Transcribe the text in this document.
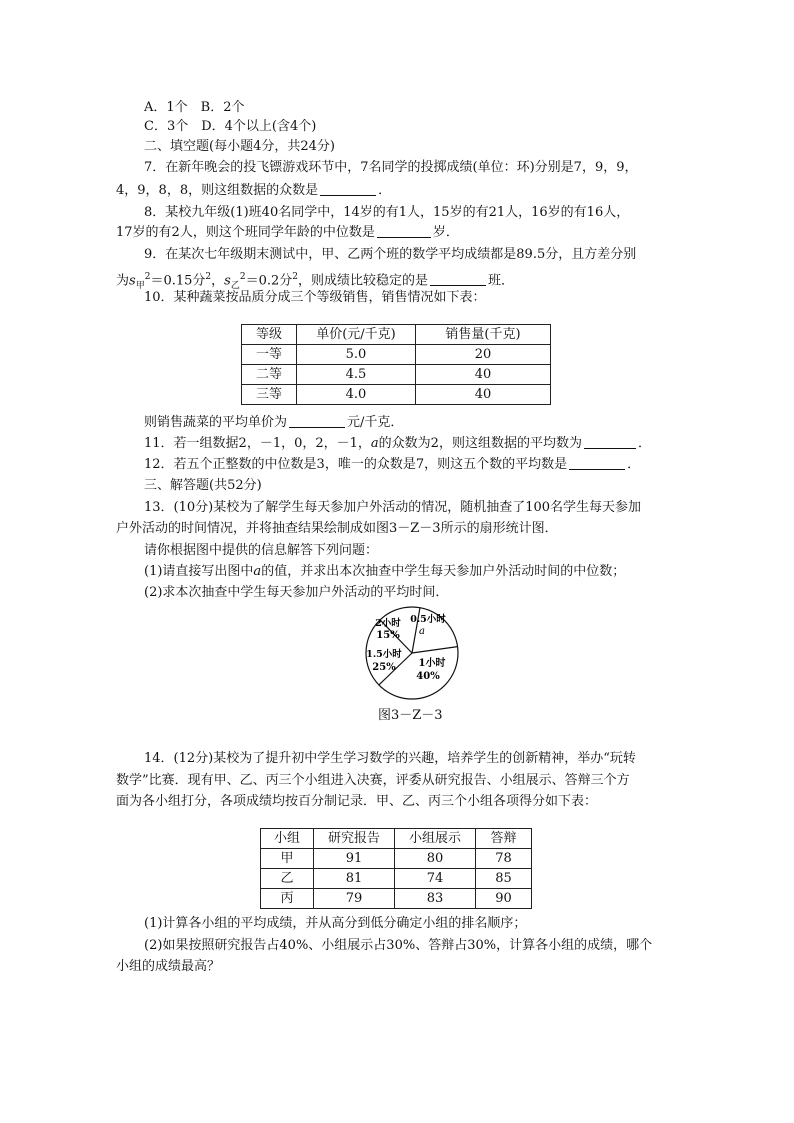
A．1个　B．2个
C．3个　D．4个以上(含4个)
二、填空题(每小题4分，共24分)
7．在新年晚会的投飞镖游戏环节中，7名同学的投掷成绩(单位：环)分别是7，9，9，
4，9，8，8，则这组数据的众数是	．
8．某校九年级(1)班40名同学中，14岁的有1人，15岁的有21人，16岁的有16人，
17岁的有2人，则这个班同学年龄的中位数是	岁．
9．在某次七年级期末测试中，甲、乙两个班的数学平均成绩都是89.5分，且方差分别
为$s_甲^2=0.15$分$^2$，$s_乙^2=0.2$分$^2$，则成绩比较稳定的是	班．
10．某种蔬菜按品质分成三个等级销售，销售情况如下表：
等级	单价(元/千克)	销售量(千克)
一等	5.0	20
二等	4.5	40
三等	4.0	40
则销售蔬菜的平均单价为	元/千克．
11．若一组数据2，－1，0，2，－1，a的众数为2，则这组数据的平均数为	．
12．若五个正整数的中位数是3，唯一的众数是7，则这五个数的平均数是	．
三、解答题(共52分)
13．(10分)某校为了解学生每天参加户外活动的情况，随机抽查了100名学生每天参加
户外活动的时间情况，并将抽查结果绘制成如图3－Z－3所示的扇形统计图．
请你根据图中提供的信息解答下列问题：
(1)请直接写出图中a的值，并求出本次抽查中学生每天参加户外活动时间的中位数；
(2)求本次抽查中学生每天参加户外活动的平均时间．
0.5小时
a
1小时
40%
1.5小时
25%
2小时
15%
图3－Z－3
14．(12分)某校为了提升初中学生学习数学的兴趣，培养学生的创新精神，举办“玩转
数学”比赛．现有甲、乙、丙三个小组进入决赛，评委从研究报告、小组展示、答辩三个方
面为各小组打分，各项成绩均按百分制记录．甲、乙、丙三个小组各项得分如下表：
小组	研究报告	小组展示	答辩
甲	91	80	78
乙	81	74	85
丙	79	83	90
(1)计算各小组的平均成绩，并从高分到低分确定小组的排名顺序；
(2)如果按照研究报告占40%、小组展示占30%、答辩占30%，计算各小组的成绩，哪个
小组的成绩最高？
